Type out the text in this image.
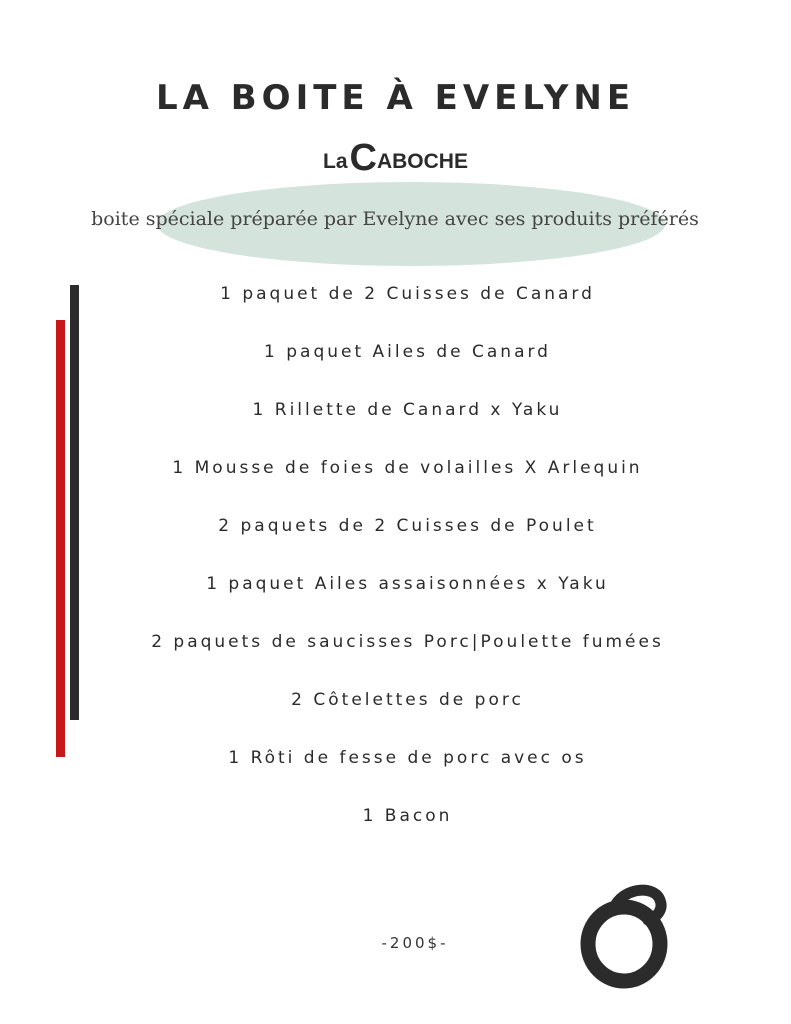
LA BOITE À EVELYNE
LaCABOCHE

boite spéciale préparée par Evelyne avec ses produits préférés

1 paquet de 2 Cuisses de Canard
1 paquet Ailes de Canard
1 Rillette de Canard x Yaku
1 Mousse de foies de volailles X Arlequin
2 paquets de 2 Cuisses de Poulet
1 paquet Ailes assaisonnées x Yaku
2 paquets de saucisses Porc|Poulette fumées
2 Côtelettes de porc
1 Rôti de fesse de porc avec os
1 Bacon
-200$-
